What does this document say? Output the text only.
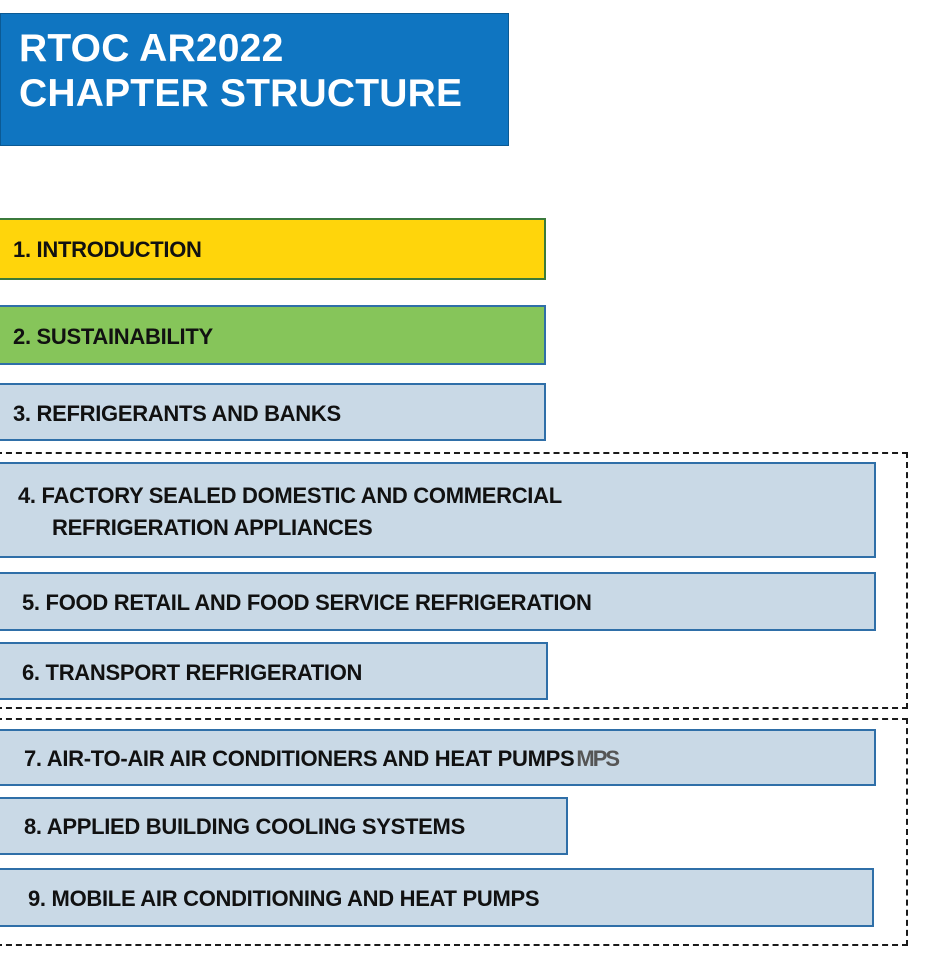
RTOC AR2022
CHAPTER STRUCTURE
1. INTRODUCTION
2. SUSTAINABILITY
3. REFRIGERANTS AND BANKS
4. FACTORY SEALED DOMESTIC AND COMMERCIAL
REFRIGERATION APPLIANCES
5. FOOD RETAIL AND FOOD SERVICE REFRIGERATION
6. TRANSPORT REFRIGERATION
7. AIR-TO-AIR AIR CONDITIONERS AND HEAT PUMPSMPS
8. APPLIED BUILDING COOLING SYSTEMS
9. MOBILE AIR CONDITIONING AND HEAT PUMPS
